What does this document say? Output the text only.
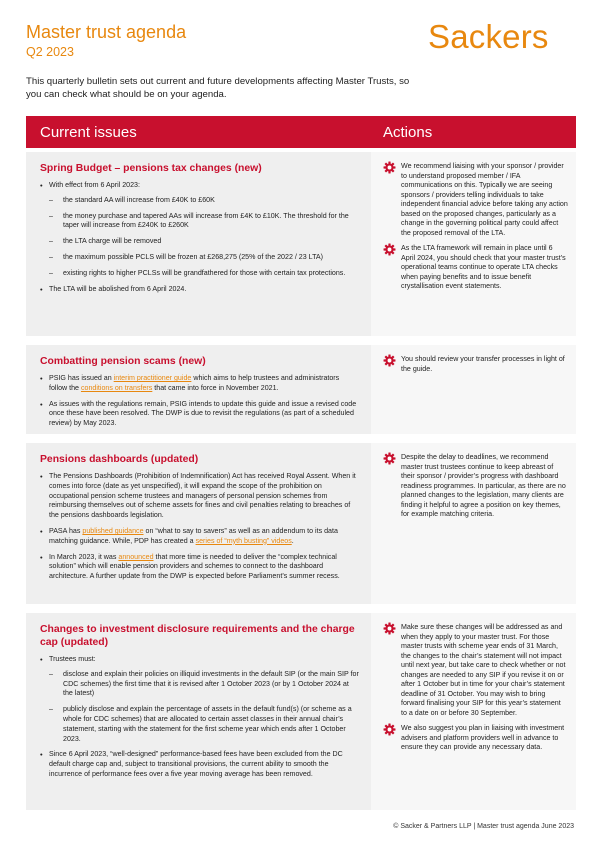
Master trust agenda
Q2 2023	Sackers

This quarterly bulletin sets out current and future developments affecting Master Trusts, so you can check what should be on your agenda.

Current issues	Actions
Spring Budget – pensions tax changes (new)
• With effect from 6 April 2023:
– the standard AA will increase from £40K to £60K
– the money purchase and tapered AAs will increase from £4K to £10K. The threshold for the taper will increase from £240K to £260K
– the LTA charge will be removed
– the maximum possible PCLS will be frozen at £268,275 (25% of the 2022 / 23 LTA)
– existing rights to higher PCLSs will be grandfathered for those with certain tax protections.
• The LTA will be abolished from 6 April 2024.

We recommend liaising with your sponsor / provider to understand proposed member / IFA communications on this. Typically we are seeing sponsors / providers telling individuals to take independent financial advice before taking any action based on the proposed changes, particularly as a change in the governing political party could affect the proposed removal of the LTA.

As the LTA framework will remain in place until 6 April 2024, you should check that your master trust’s operational teams continue to operate LTA checks when paying benefits and to issue benefit crystallisation event statements.

Combatting pension scams (new)
• PSIG has issued an interim practitioner guide which aims to help trustees and administrators follow the conditions on transfers that came into force in November 2021.
• As issues with the regulations remain, PSIG intends to update this guide and issue a revised code once these have been resolved. The DWP is due to revisit the regulations (as part of a scheduled review) by May 2023.

You should review your transfer processes in light of the guide.

Pensions dashboards (updated)
• The Pensions Dashboards (Prohibition of Indemnification) Act has received Royal Assent. When it comes into force (date as yet unspecified), it will expand the scope of the prohibition on occupational pension scheme trustees and managers of personal pension schemes from reimbursing themselves out of scheme assets for fines and civil penalties relating to breaches of the pensions dashboards legislation.
• PASA has published guidance on “what to say to savers” as well as an addendum to its data matching guidance. While, PDP has created a series of “myth busting” videos.
• In March 2023, it was announced that more time is needed to deliver the “complex technical solution” which will enable pension providers and schemes to connect to the dashboard architecture. A further update from the DWP is expected before Parliament’s summer recess.

Despite the delay to deadlines, we recommend master trust trustees continue to keep abreast of their sponsor / provider’s progress with dashboard readiness programmes. In particular, as there are no planned changes to the legislation, many clients are finding it helpful to agree a position on key themes, for example matching criteria.

Changes to investment disclosure requirements and the charge cap (updated)
• Trustees must:
– disclose and explain their policies on illiquid investments in the default SIP (or the main SIP for CDC schemes) the first time that it is revised after 1 October 2023 (or by 1 October 2024 at the latest)
– publicly disclose and explain the percentage of assets in the default fund(s) (or scheme as a whole for CDC schemes) that are allocated to certain asset classes in their annual chair’s statement, starting with the statement for the first scheme year which ends after 1 October 2023.
• Since 6 April 2023, “well-designed” performance-based fees have been excluded from the DC default charge cap and, subject to transitional provisions, the current ability to smooth the incurrence of performance fees over a five year moving average has been removed.

Make sure these changes will be addressed as and when they apply to your master trust. For those master trusts with scheme year ends of 31 March, the changes to the chair’s statement will not impact until next year, but take care to check whether or not changes are needed to any SIP if you revise it on or after 1 October but in time for your chair’s statement deadline of 31 October. You may wish to bring forward finalising your SIP for this year’s statement to a date on or before 30 September.

We also suggest you plan in liaising with investment advisers and platform providers well in advance to ensure they can provide any necessary data.

© Sacker & Partners LLP | Master trust agenda June 2023
